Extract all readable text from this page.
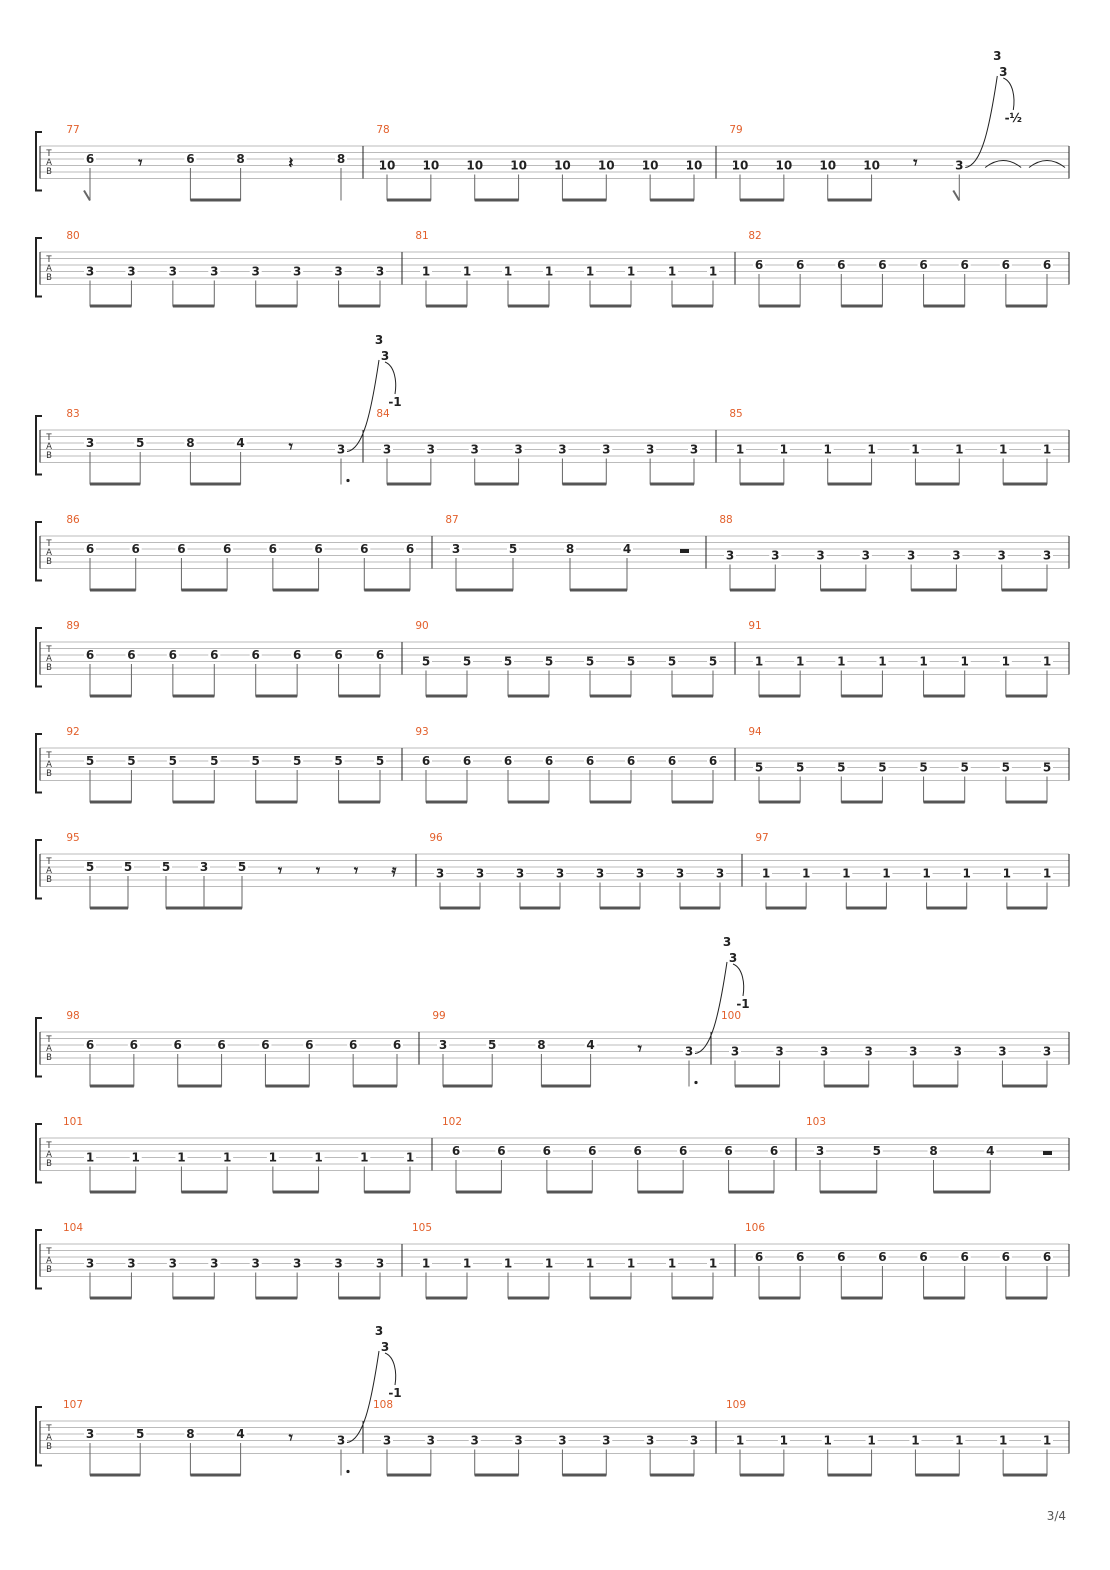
T
A
B
77
6	𝄾	6	8	𝄽	8
78
10 10 10 10 10 10 10 10
79
10 10 10 10 𝄾	3
3
3
-½
T
A
B
80
3	3	3	3	3	3	3	3
81
1	1	1	1	1	1	1	1
82
6	6	6	6	6	6	6	6
T
A
B
83
3	5	8	4	𝄾	3
3
3
-1
84
3	3	3	3	3	3	3	3
85
1	1	1	1	1	1	1	1
T
A
B
86
6	6	6	6	6	6	6	6
87
3	5	8	4
88
3	3	3	3	3	3	3	3
T
A
B
89
6	6	6	6	6	6	6	6
90
5	5	5	5	5	5	5	5
91
1	1	1	1	1	1	1	1
T
A
B
92
5	5	5	5	5	5	5	5
93
6	6	6	6	6	6	6	6
94
5	5	5	5	5	5	5	5
T
A
B
95
5 5 5 3 5 𝄾 𝄾 𝄾 𝄿
96
3	3	3	3	3	3	3	3
97
1	1	1	1	1	1	1	1
T
A
B
98
6	6	6	6	6	6	6	6
99
3	5	8	4	𝄾	3
3
3
-1
100
3	3	3	3	3	3	3	3
T
A
B
101
1	1	1	1	1	1	1	1
102
6	6	6	6	6	6	6	6
103
3	5	8	4
T
A
B
104
3	3	3	3	3	3	3	3
105
1	1	1	1	1	1	1	1
106
6	6	6	6	6	6	6	6
T
A
B
107
3	5	8	4	𝄾	3
3
3
-1
108
3	3	3	3	3	3	3	3
109
1	1	1	1	1	1	1	1
3/4
